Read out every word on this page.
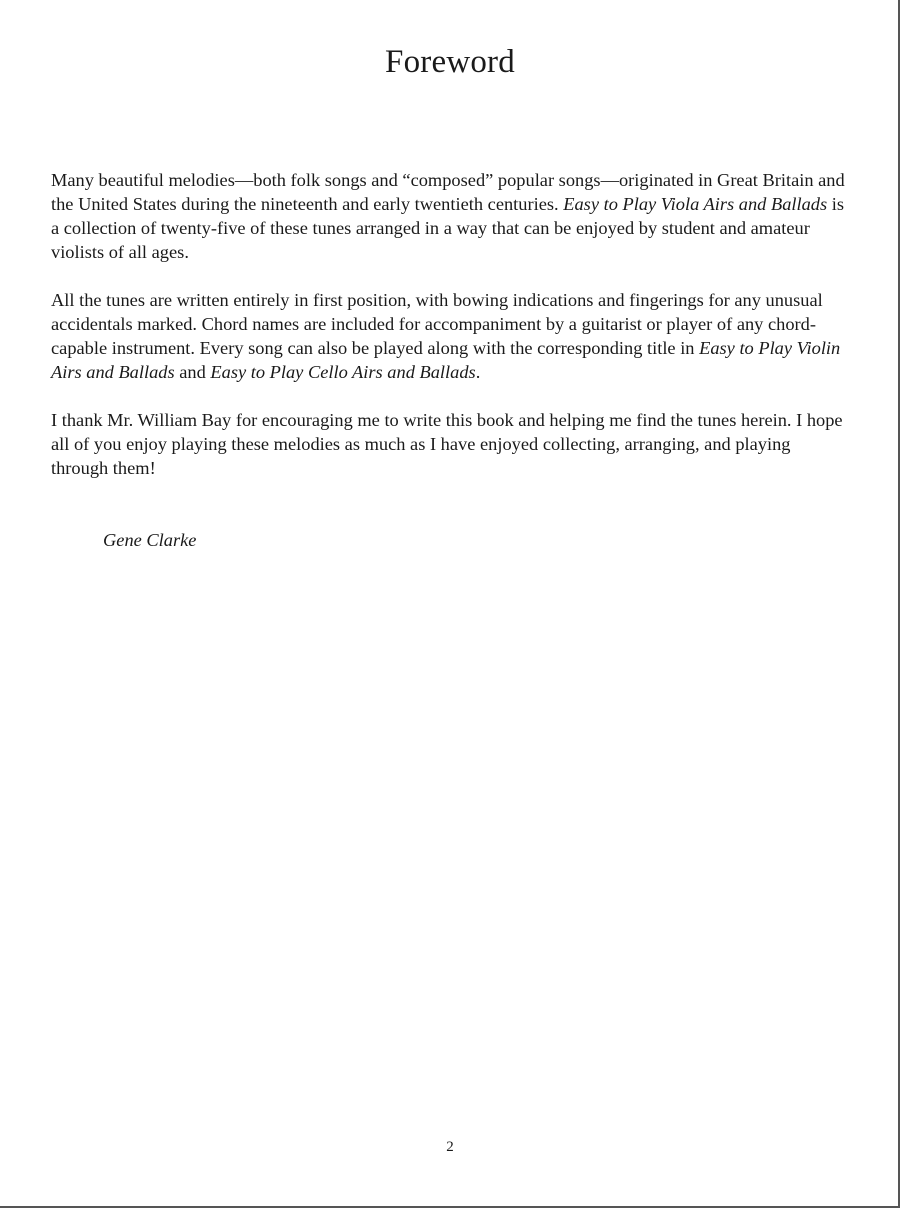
Foreword

Many beautiful melodies—both folk songs and “composed” popular songs—originated in Great Britain and the United States during the nineteenth and early twentieth centuries. Easy to Play Viola Airs and Ballads is a collection of twenty-five of these tunes arranged in a way that can be enjoyed by student and amateur violists of all ages.

All the tunes are written entirely in first position, with bowing indications and fingerings for any unusual accidentals marked. Chord names are included for accompaniment by a guitarist or player of any chord-capable instrument. Every song can also be played along with the corresponding title in Easy to Play Violin Airs and Ballads and Easy to Play Cello Airs and Ballads.

I thank Mr. William Bay for encouraging me to write this book and helping me find the tunes herein. I hope all of you enjoy playing these melodies as much as I have enjoyed collecting, arranging, and playing through them!

Gene Clarke
2
